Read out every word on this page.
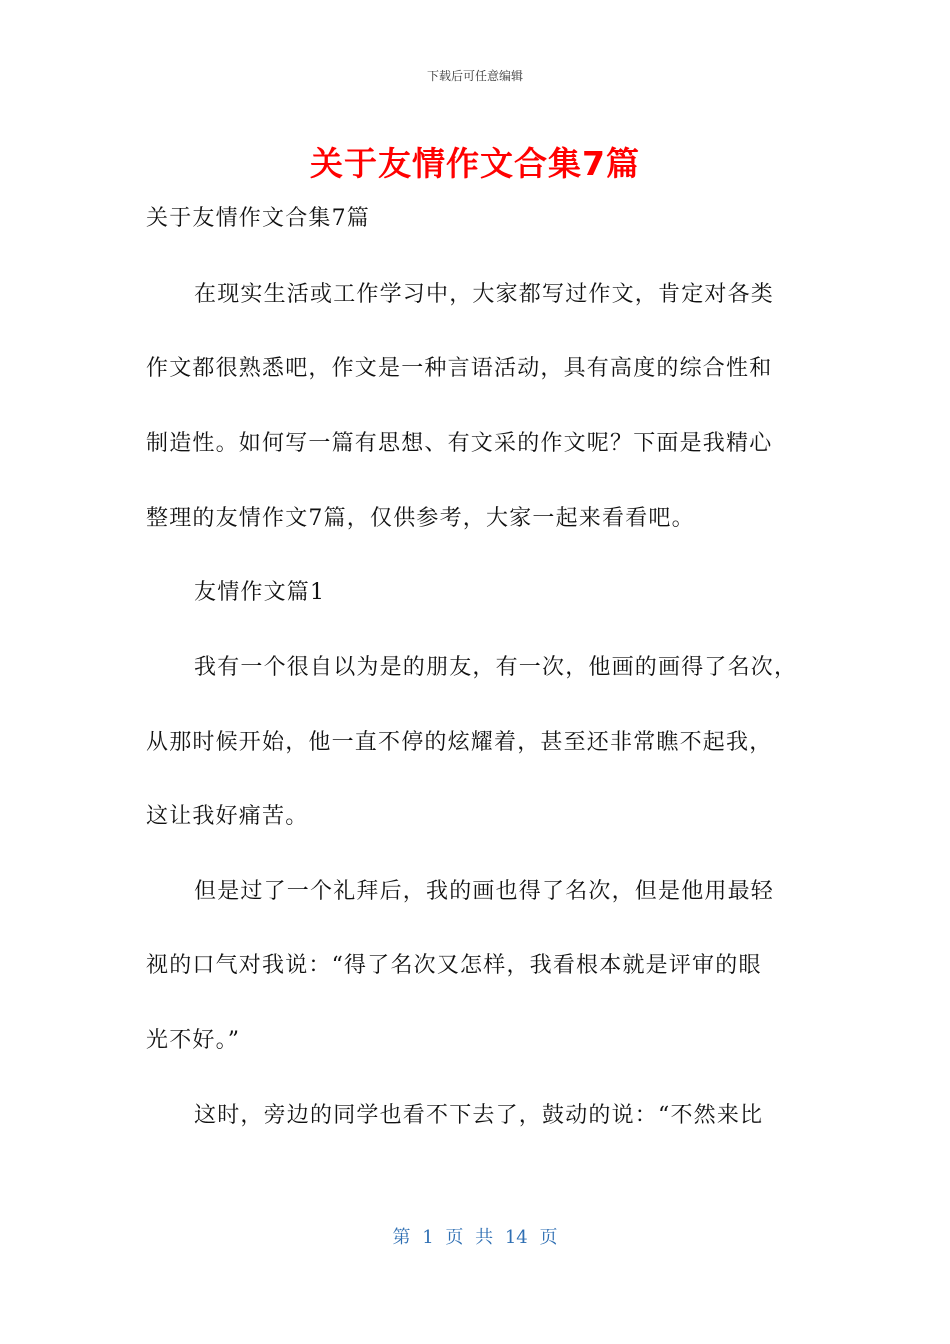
下载后可任意编辑
关于友情作文合集7篇
关于友情作文合集7篇
在现实生活或工作学习中，大家都写过作文，肯定对各类
作文都很熟悉吧，作文是一种言语活动，具有高度的综合性和
制造性。如何写一篇有思想、有文采的作文呢？下面是我精心
整理的友情作文7篇，仅供参考，大家一起来看看吧。
友情作文篇1
我有一个很自以为是的朋友，有一次，他画的画得了名次，
从那时候开始，他一直不停的炫耀着，甚至还非常瞧不起我，
这让我好痛苦。
但是过了一个礼拜后，我的画也得了名次，但是他用最轻
视的口气对我说：“得了名次又怎样，我看根本就是评审的眼
光不好。”
这时，旁边的同学也看不下去了，鼓动的说：“不然来比
第 1 页 共 14 页
